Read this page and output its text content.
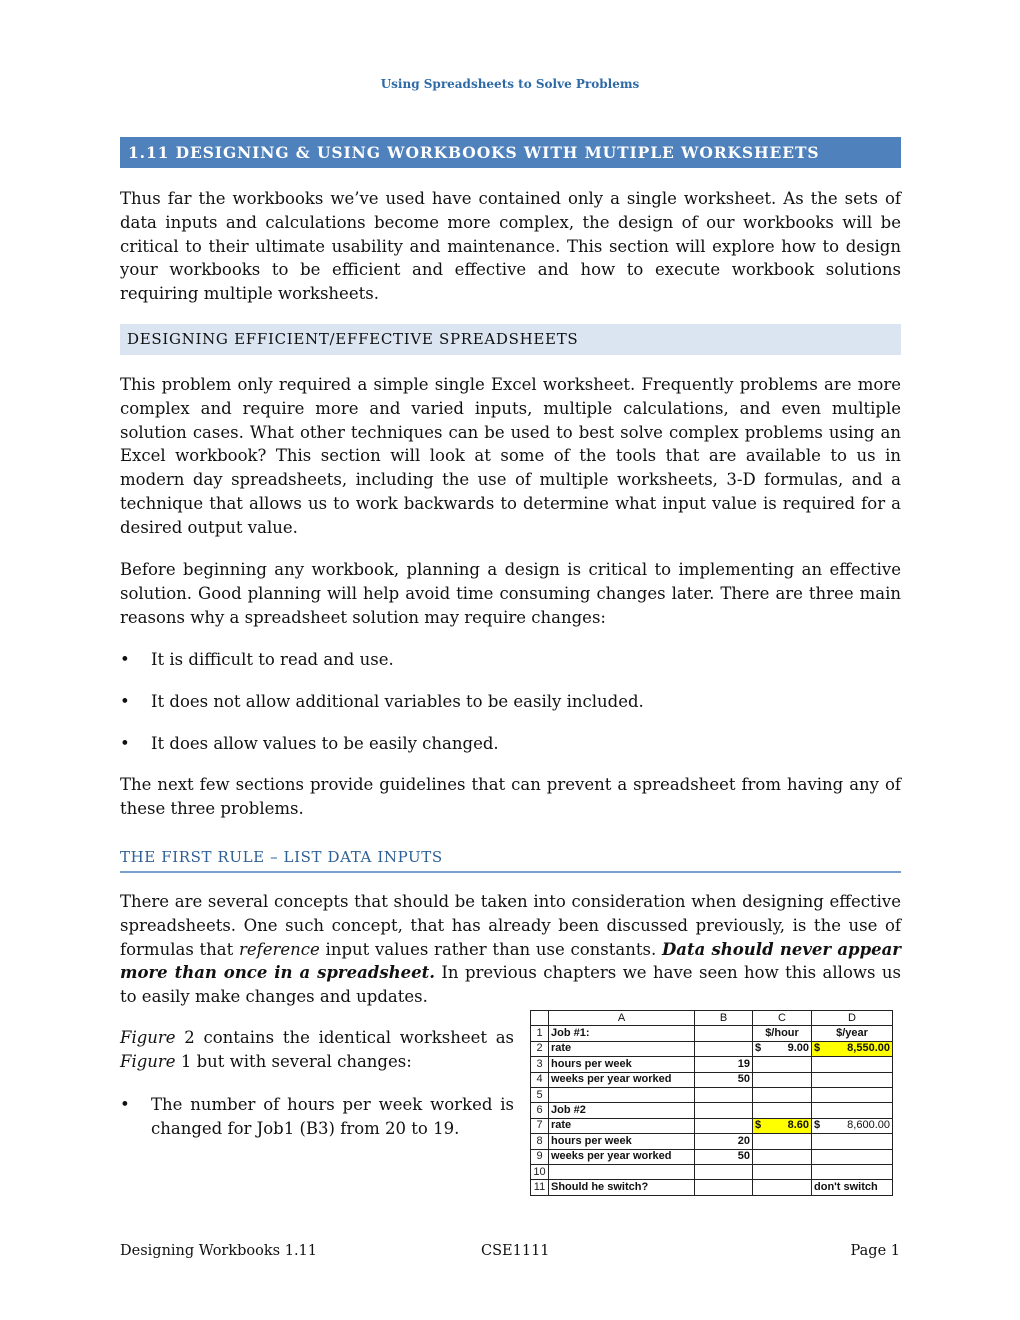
Using Spreadsheets to Solve Problems
1.11 DESIGNING & USING WORKBOOKS WITH MUTIPLE WORKSHEETS

Thus far the workbooks we’ve used have contained only a single worksheet. As the sets of data inputs and calculations become more complex, the design of our workbooks will be critical to their ultimate usability and maintenance. This section will explore how to design your workbooks to be efficient and effective and how to execute workbook solutions requiring multiple worksheets.

DESIGNING EFFICIENT/EFFECTIVE SPREADSHEETS

This problem only required a simple single Excel worksheet. Frequently problems are more complex and require more and varied inputs, multiple calculations, and even multiple solution cases. What other techniques can be used to best solve complex problems using an Excel workbook? This section will look at some of the tools that are available to us in modern day spreadsheets, including the use of multiple worksheets, 3-D formulas, and a technique that allows us to work backwards to determine what input value is required for a desired output value.

Before beginning any workbook, planning a design is critical to implementing an effective solution. Good planning will help avoid time consuming changes later. There are three main reasons why a spreadsheet solution may require changes:

• It is difficult to read and use.
• It does not allow additional variables to be easily included.
• It does allow values to be easily changed.

The next few sections provide guidelines that can prevent a spreadsheet from having any of these three problems.

THE FIRST RULE – LIST DATA INPUTS

There are several concepts that should be taken into consideration when designing effective spreadsheets. One such concept, that has already been discussed previously, is the use of formulas that reference input values rather than use constants. Data should never appear more than once in a spreadsheet. In previous chapters we have seen how this allows us to easily make changes and updates.

Figure 2 contains the identical worksheet as Figure 1 but with several changes:

• The number of hours per week worked is changed for Job1 (B3) from 20 to 19.
	A	B	C	D
1	Job #1:		$/hour	$/year
2	rate		$ 9.00	$ 8,550.00

3	hours per week	19		
4	weeks per year worked	50		
5				
6	Job #2			
7	rate		$ 8.60	$ 8,600.00

8	hours per week	20		
9	weeks per year worked	50		
10				
11	Should he switch?			don't switch
Designing Workbooks 1.11	CSE1111	Page 1
